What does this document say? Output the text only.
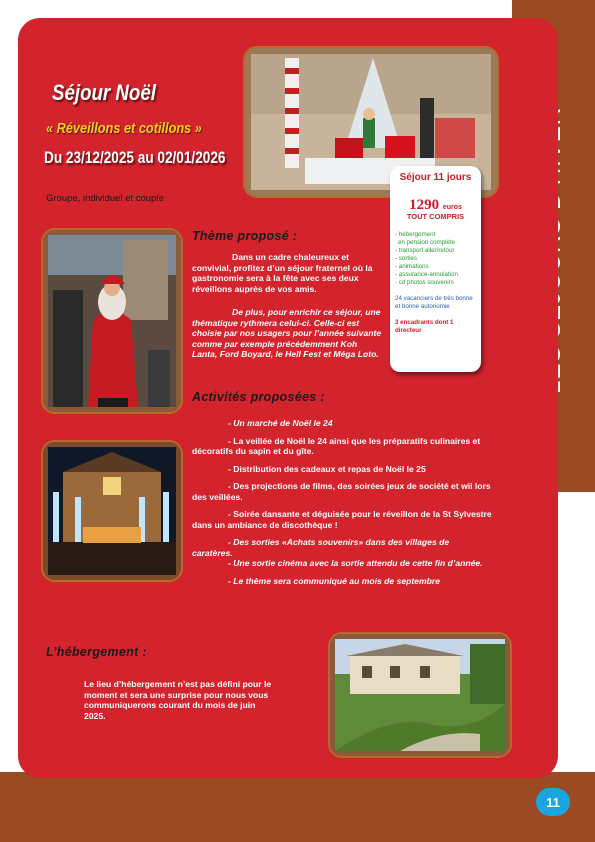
Séjour Noël
« Réveillons et cotillons »
Du 23/12/2025 au 02/01/2026
Groupe, individuel et couple
Séjour 11 jours
1290 euros
TOUT COMPRIS
- hébergement
en pension complète
- transport aller/retour
- sorties
- animations
- assurance-annulation
- cd photos souvenirs
24 vacanciers de très bonne et bonne autonomie
3 encadrants dont 1 directeur
Thème proposé :
Dans un cadre chaleureux et convivial, profitez d’un séjour fraternel où la gastronomie sera à la fête avec ses deux réveillons auprès de vos amis.
De plus, pour enrichir ce séjour, une thématique rythmera celui-ci. Celle-ci est choisie par nos usagers pour l’année suivante comme par exemple précédemment Koh Lanta, Ford Boyard, le Hell Fest et Méga Loto.
Activités proposées :
- Un marché de Noël le 24
- La veillée de Noël le 24 ainsi que les préparatifs culinaires et décoratifs du sapin et du gîte.
- Distribution des cadeaux et repas de Noël le 25
- Des projections de films, des soirées jeux de société et wii lors des veillées.
- Soirée dansante et déguisée pour le réveillon de la St Sylvestre dans un ambiance de discothèque !
- Des sorties «Achats souvenirs» dans des villages de caratères.
- Une sortie cinéma avec la sortie attendu de cette fin d’année.
- Le thème sera communiqué au mois de septembre
L’hébergement :
Le lieu d’hébergement n’est pas défini pour le moment et sera une surprise pour nous vous communiquerons courant du mois de juin 2025.
11
